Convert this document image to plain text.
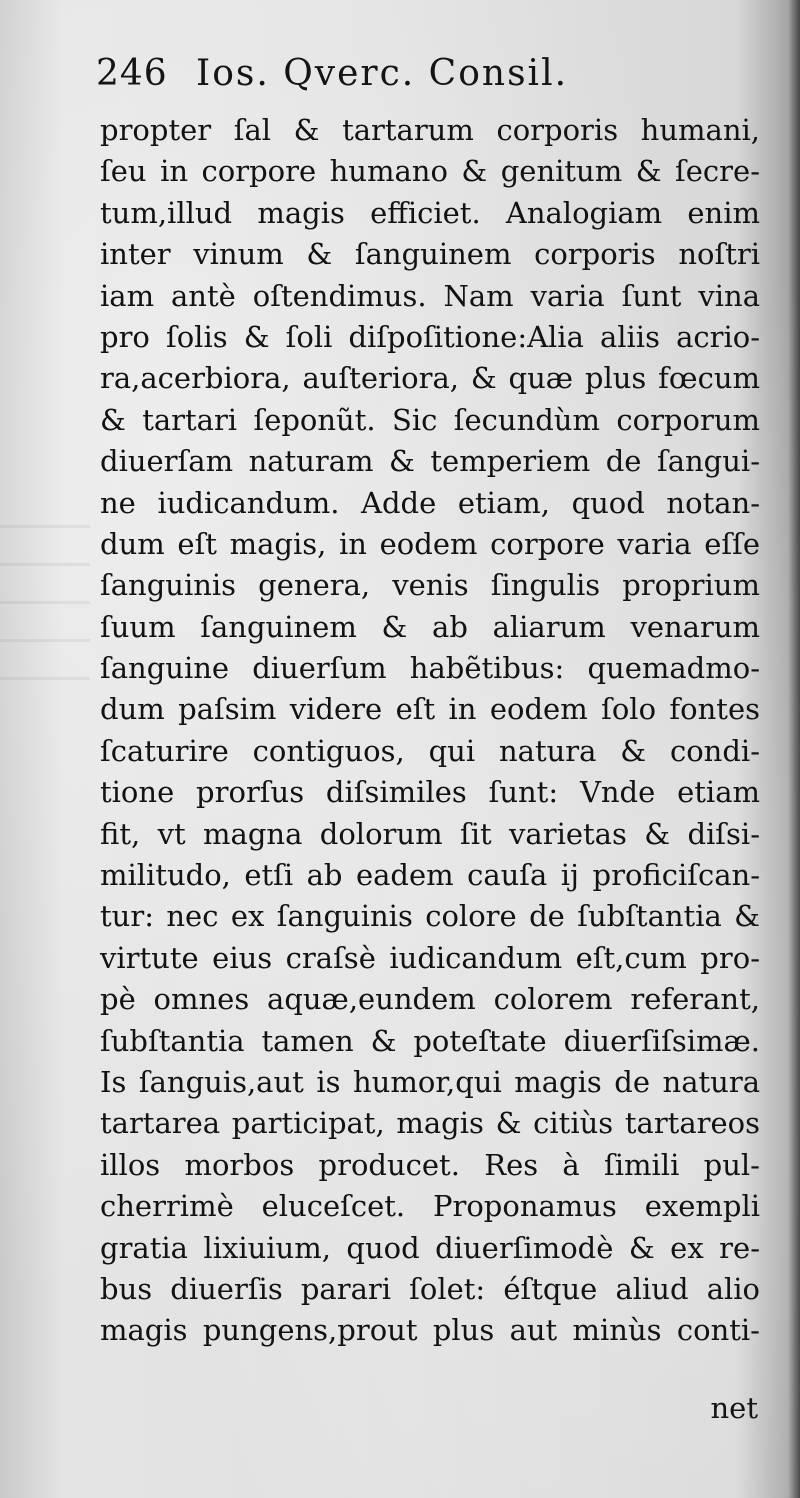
246 Ios. Qverc. Consil.
propter ſal & tartarum corporis humani,
ſeu in corpore humano & genitum & ſecre-
tum,illud magis efficiet. Analogiam enim
inter vinum & ſanguinem corporis noſtri
iam antè oſtendimus. Nam varia ſunt vina
pro ſolis & ſoli diſpoſitione:Alia aliis acrio-
ra,acerbiora, auſteriora, & quæ plus fœcum
& tartari ſeponũt. Sic ſecundùm corporum
diuerſam naturam & temperiem de ſangui-
ne iudicandum. Adde etiam, quod notan-
dum eſt magis, in eodem corpore varia eſſe
ſanguinis genera, venis ſingulis proprium
ſuum ſanguinem & ab aliarum venarum
ſanguine diuerſum habẽtibus: quemadmo-
dum paſsim videre eſt in eodem ſolo fontes
ſcaturire contiguos, qui natura & condi-
tione prorſus diſsimiles ſunt: Vnde etiam
fit, vt magna dolorum ſit varietas & diſsi-
militudo, etſi ab eadem cauſa ij proficiſcan-
tur: nec ex ſanguinis colore de ſubſtantia &
virtute eius craſsè iudicandum eſt,cum pro-
pè omnes aquæ,eundem colorem referant,
ſubſtantia tamen & poteſtate diuerſiſsimæ.
Is ſanguis,aut is humor,qui magis de natura
tartarea participat, magis & citiùs tartareos
illos morbos producet. Res à ſimili pul-
cherrimè eluceſcet. Proponamus exempli
gratia lixiuium, quod diuerſimodè & ex re-
bus diuerſis parari ſolet: éſtque aliud alio
magis pungens,prout plus aut minùs conti-
net
